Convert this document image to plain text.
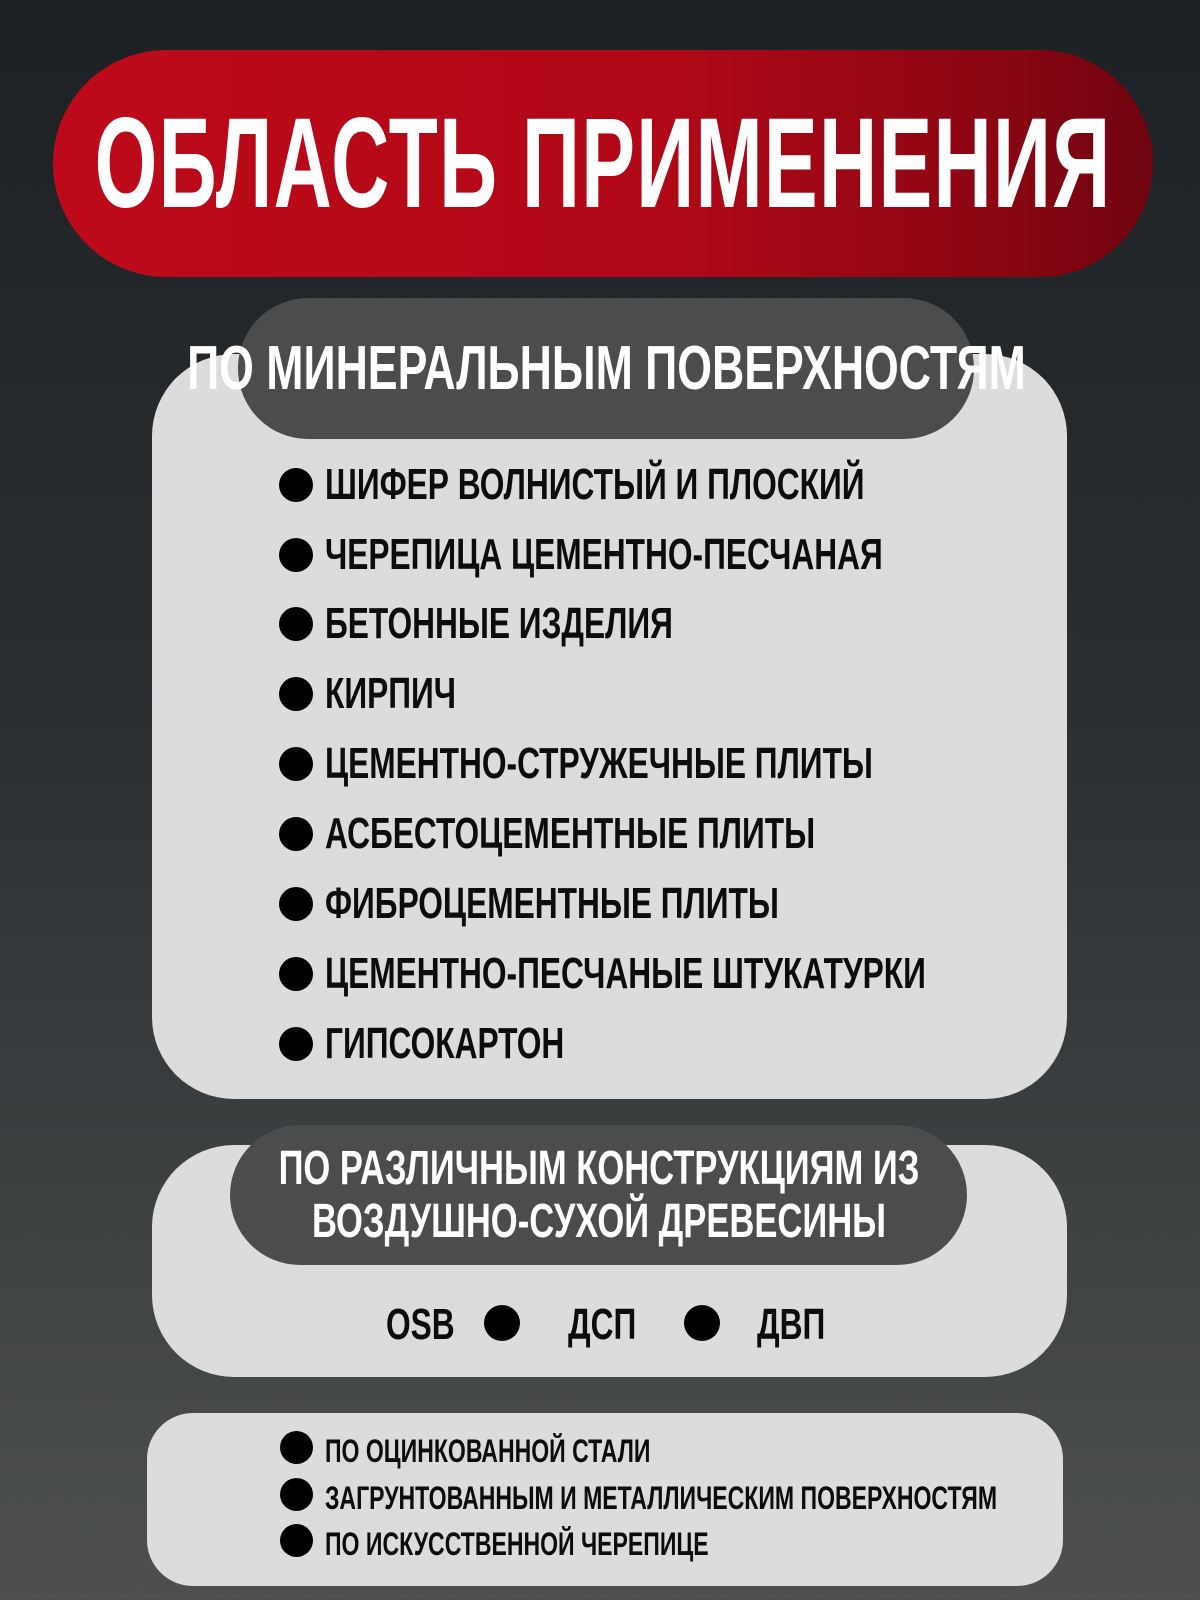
ОБЛАСТЬ ПРИМЕНЕНИЯ
ПО МИНЕРАЛЬНЫМ ПОВЕРХНОСТЯМ
ШИФЕР ВОЛНИСТЫЙ И ПЛОСКИЙ
ЧЕРЕПИЦА ЦЕМЕНТНО-ПЕСЧАНАЯ
БЕТОННЫЕ ИЗДЕЛИЯ
КИРПИЧ
ЦЕМЕНТНО-СТРУЖЕЧНЫЕ ПЛИТЫ
АСБЕСТОЦЕМЕНТНЫЕ ПЛИТЫ
ФИБРОЦЕМЕНТНЫЕ ПЛИТЫ
ЦЕМЕНТНО-ПЕСЧАНЫЕ ШТУКАТУРКИ
ГИПСОКАРТОН
ПО РАЗЛИЧНЫМ КОНСТРУКЦИЯМ ИЗ
ВОЗДУШНО-СУХОЙ ДРЕВЕСИНЫ
OSB	ДСП	ДВП
ПО ОЦИНКОВАННОЙ СТАЛИ
ЗАГРУНТОВАННЫМ И МЕТАЛЛИЧЕСКИМ ПОВЕРХНОСТЯМ
ПО ИСКУССТВЕННОЙ ЧЕРЕПИЦЕ
